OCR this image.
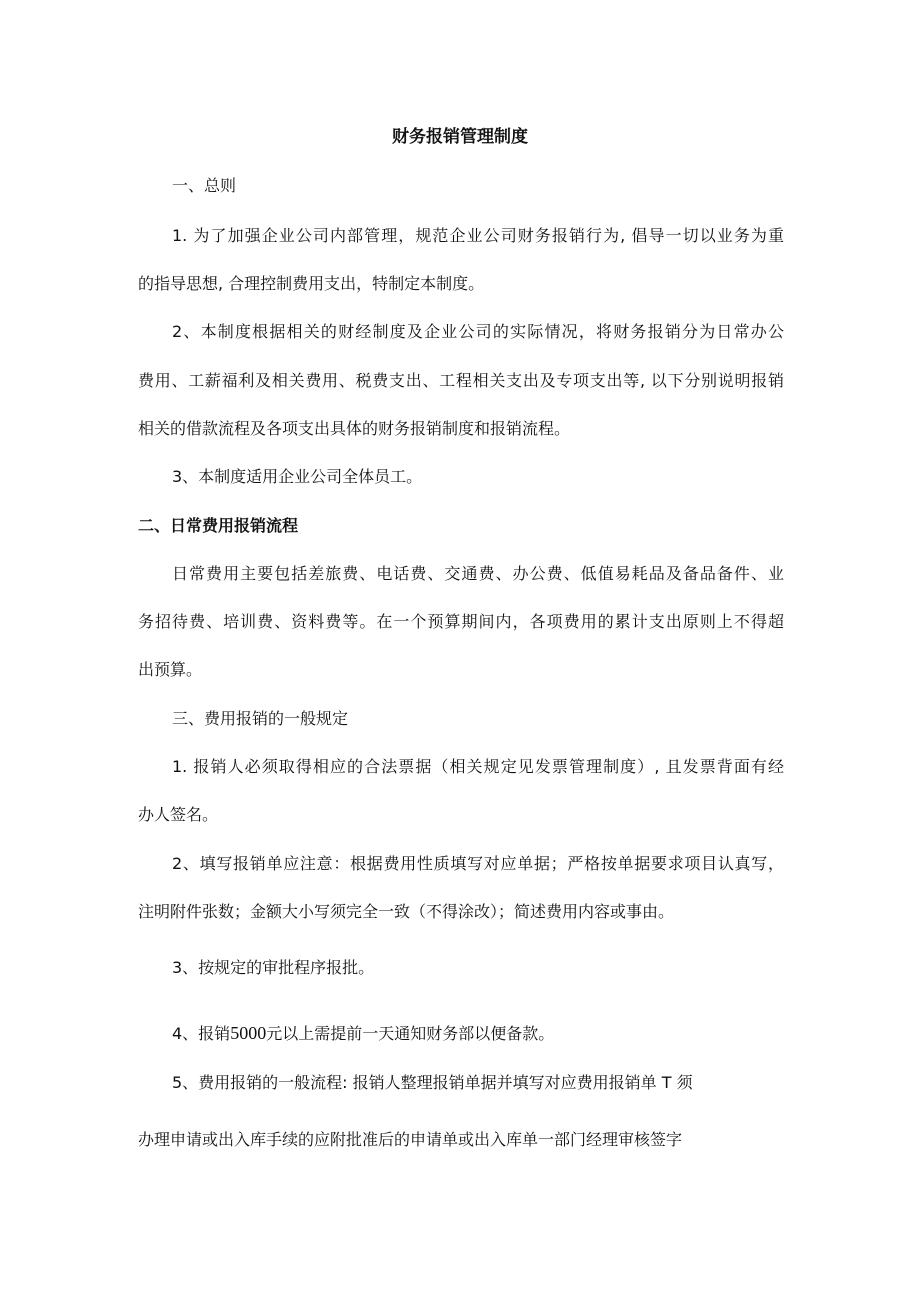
财务报销管理制度
一、总则
1. 为了加强企业公司内部管理，规范企业公司财务报销行为, 倡导一切以业务为重
的指导思想, 合理控制费用支出，特制定本制度。
2、本制度根据相关的财经制度及企业公司的实际情况，将财务报销分为日常办公
费用、工薪福利及相关费用、税费支出、工程相关支出及专项支出等, 以下分别说明报销
相关的借款流程及各项支出具体的财务报销制度和报销流程。
3、本制度适用企业公司全体员工。
二、日常费用报销流程
日常费用主要包括差旅费、电话费、交通费、办公费、低值易耗品及备品备件、业
务招待费、培训费、资料费等。在一个预算期间内，各项费用的累计支出原则上不得超
出预算。
三、费用报销的一般规定
1. 报销人必须取得相应的合法票据（相关规定见发票管理制度）, 且发票背面有经
办人签名。
2、填写报销单应注意：根据费用性质填写对应单据；严格按单据要求项目认真写，
注明附件张数；金额大小写须完全一致（不得涂改）；简述费用内容或事由。
3、按规定的审批程序报批。
4、报销5000元以上需提前一天通知财务部以便备款。
5、费用报销的一般流程: 报销人整理报销单据并填写对应费用报销单 T 须
办理申请或出入库手续的应附批准后的申请单或出入库单一部门经理审核签字
